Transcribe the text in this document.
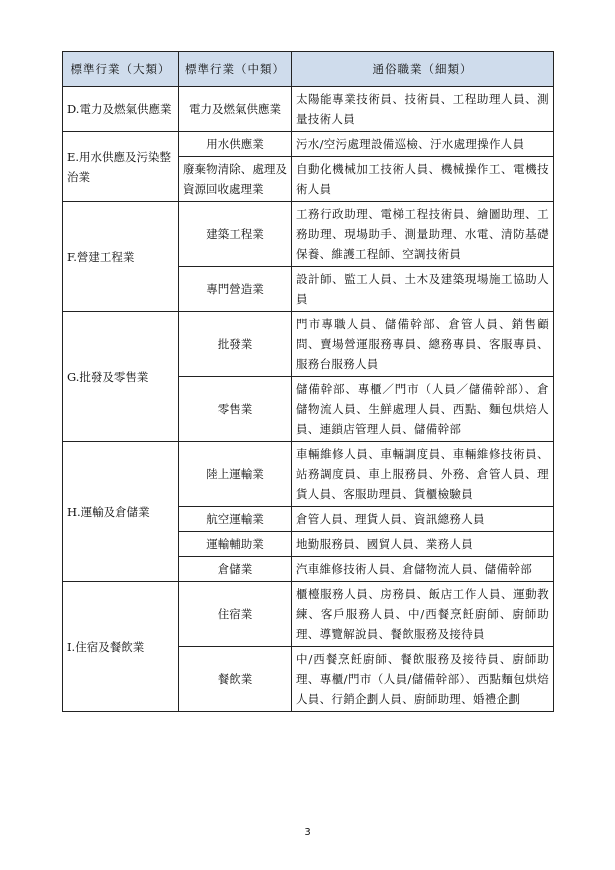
標準行業（大類）	標準行業（中類）	通俗職業（細類）
D.電力及燃氣供應業	電力及燃氣供應業	太陽能專業技術員、技術員、工程助理人員、測量技術人員
E.用水供應及污染整治業	用水供應業	污水/空污處理設備巡檢、汙水處理操作人員
	廢棄物清除、處理及資源回收處理業	自動化機械加工技術人員、機械操作工、電機技術人員
F.營建工程業	建築工程業	工務行政助理、電梯工程技術員、繪圖助理、工務助理、現場助手、測量助理、水電、清防基礎保養、維護工程師、空調技術員
	專門營造業	設計師、監工人員、土木及建築現場施工協助人員
G.批發及零售業	批發業	門市專職人員、儲備幹部、倉管人員、銷售顧問、賣場營運服務專員、總務專員、客服專員、服務台服務人員
	零售業	儲備幹部、專櫃／門市（人員／儲備幹部）、倉儲物流人員、生鮮處理人員、西點、麵包烘焙人員、連鎖店管理人員、儲備幹部
H.運輸及倉儲業	陸上運輸業	車輛維修人員、車輛調度員、車輛維修技術員、站務調度員、車上服務員、外務、倉管人員、理貨人員、客服助理員、貨櫃檢驗員
	航空運輸業	倉管人員、理貨人員、資訊總務人員
	運輸輔助業	地勤服務員、國貿人員、業務人員
	倉儲業	汽車維修技術人員、倉儲物流人員、儲備幹部
I.住宿及餐飲業	住宿業	櫃檯服務人員、房務員、飯店工作人員、運動教練、客戶服務人員、中/西餐烹飪廚師、廚師助理、導覽解說員、餐飲服務及接待員
	餐飲業	中/西餐烹飪廚師、餐飲服務及接待員、廚師助理、專櫃/門市（人員/儲備幹部）、西點麵包烘焙人員、行銷企劃人員、廚師助理、婚禮企劃
3
